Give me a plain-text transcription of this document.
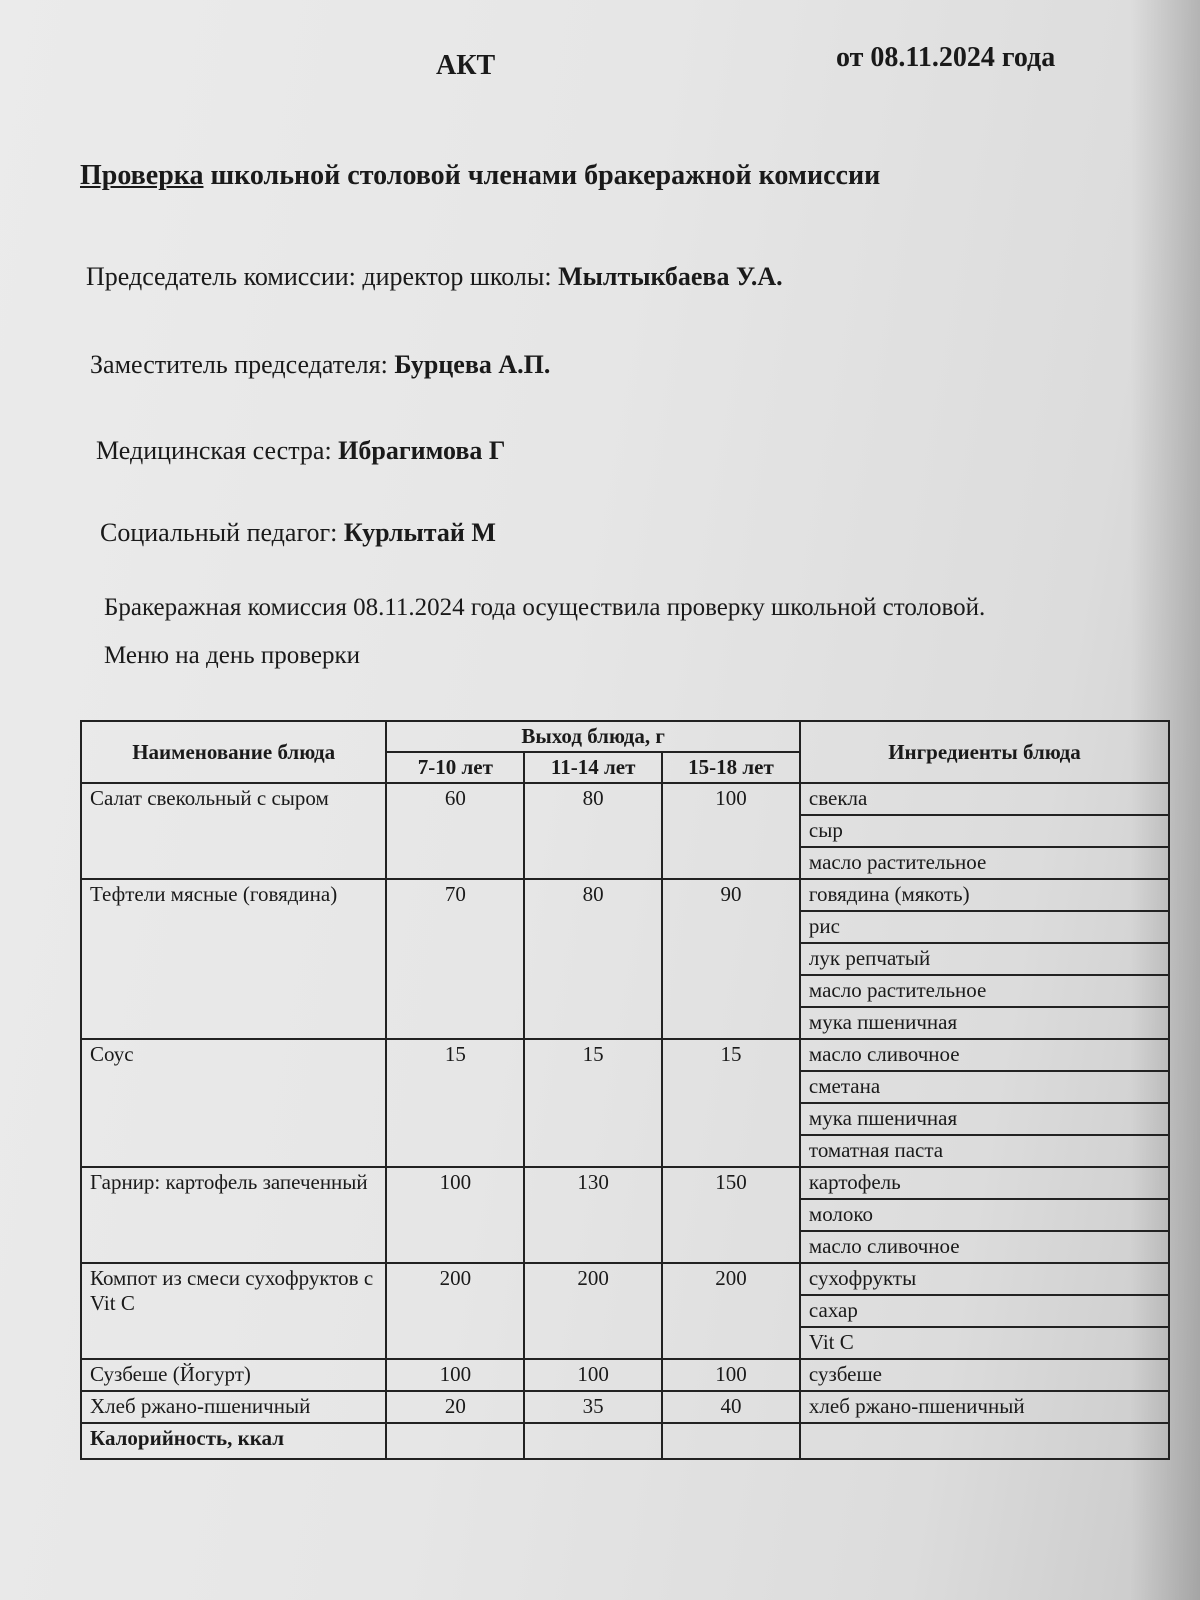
АКТ	от 08.11.2024 года
Проверка школьной столовой членами бракеражной комиссии
Председатель комиссии: директор школы: Мылтыкбаева У.А.
Заместитель председателя: Бурцева А.П.
Медицинская сестра: Ибрагимова Г
Социальный педагог: Курлытай М
Бракеражная комиссия 08.11.2024 года осуществила проверку школьной столовой. Меню на день проверки
Наименование блюда	Выход блюда, г			Ингредиенты блюда
	7-10 лет	11-14 лет	15-18 лет	
Салат свекольный с сыром	60	80	100	свекла
				сыр
				масло растительное
Тефтели мясные (говядина)	70	80	90	говядина (мякоть)
				рис
				лук репчатый
				масло растительное
				мука пшеничная
Соус	15	15	15	масло сливочное
				сметана
				мука пшеничная
				томатная паста
Гарнир: картофель запеченный	100	130	150	картофель
				молоко
				масло сливочное
Компот из смеси сухофруктов с Vit C	200	200	200	сухофрукты
				сахар
				Vit C
Сузбеше (Йогурт)	100	100	100	сузбеше
Хлеб ржано-пшеничный	20	35	40	хлеб ржано-пшеничный
Калорийность, ккал				
